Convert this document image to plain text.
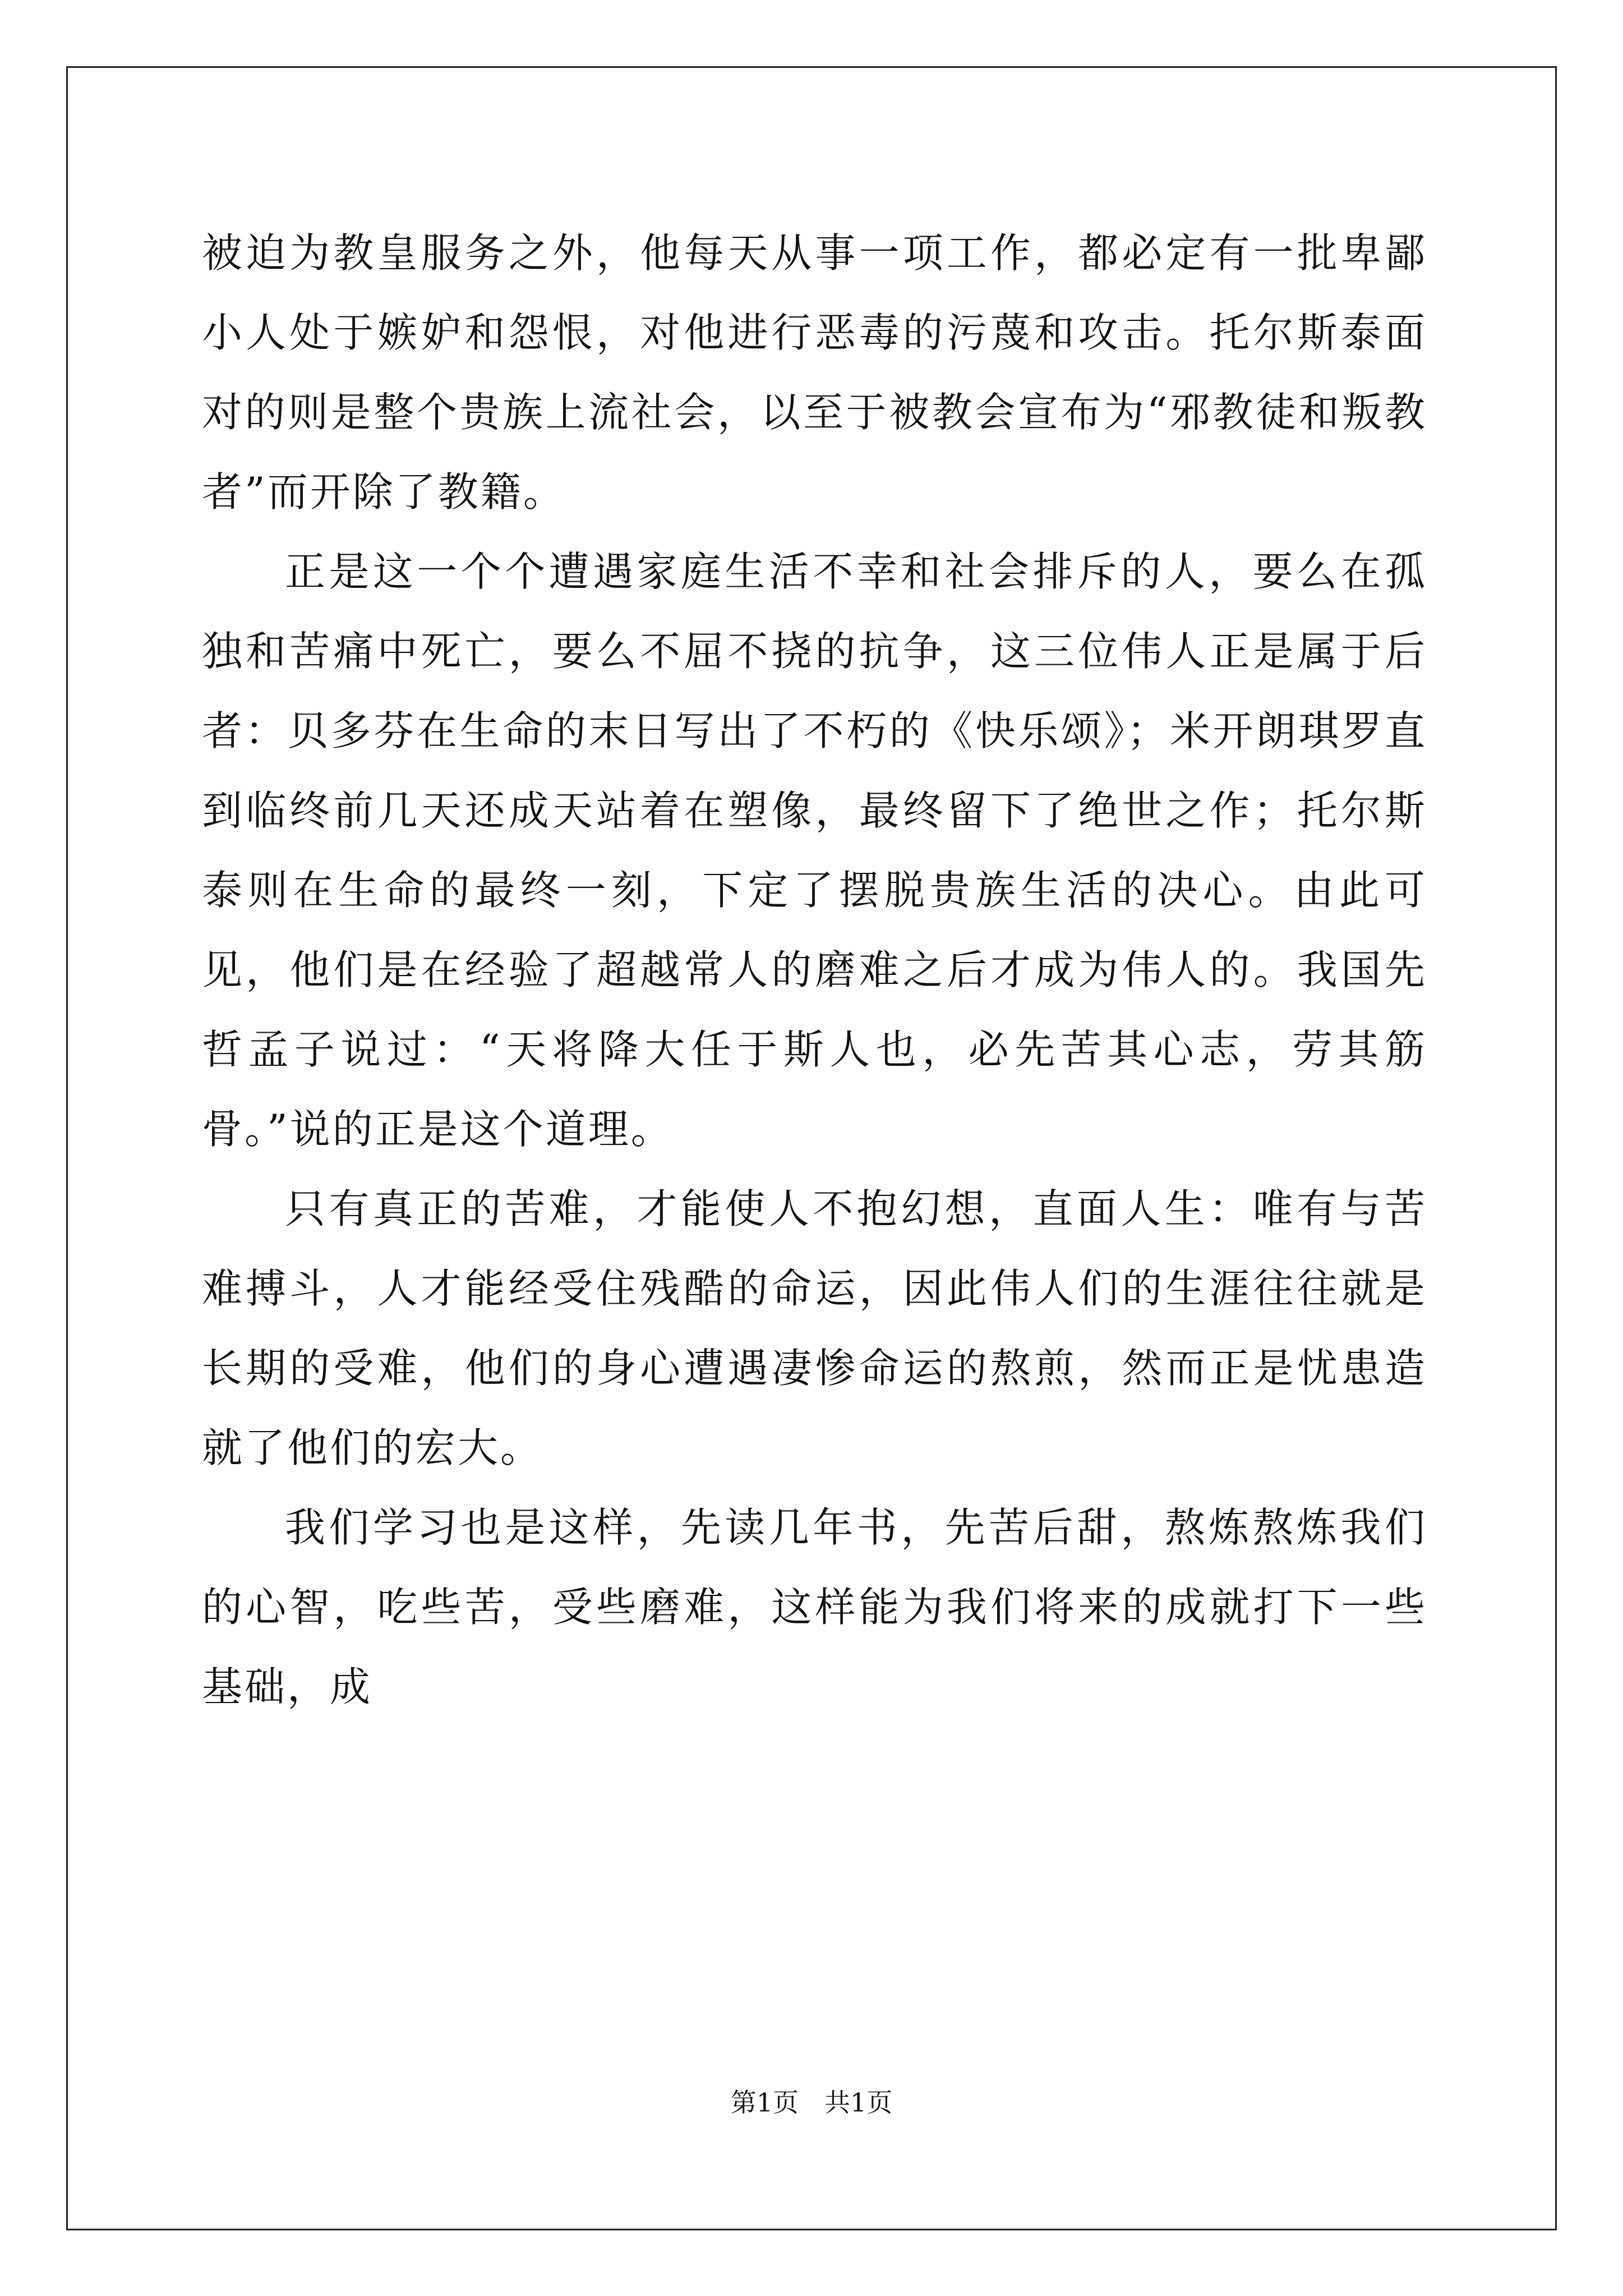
被迫为教皇服务之外，他每天从事一项工作，都必定有一批卑鄙小人处于嫉妒和怨恨，对他进行恶毒的污蔑和攻击。托尔斯泰面对的则是整个贵族上流社会，以至于被教会宣布为“邪教徒和叛教者”而开除了教籍。

正是这一个个遭遇家庭生活不幸和社会排斥的人，要么在孤独和苦痛中死亡，要么不屈不挠的抗争，这三位伟人正是属于后者：贝多芬在生命的末日写出了不朽的《快乐颂》；米开朗琪罗直到临终前几天还成天站着在塑像，最终留下了绝世之作；托尔斯泰则在生命的最终一刻，下定了摆脱贵族生活的决心。由此可见，他们是在经验了超越常人的磨难之后才成为伟人的。我国先哲孟子说过：“天将降大任于斯人也，必先苦其心志，劳其筋骨。”说的正是这个道理。

只有真正的苦难，才能使人不抱幻想，直面人生：唯有与苦难搏斗，人才能经受住残酷的命运，因此伟人们的生涯往往就是长期的受难，他们的身心遭遇凄惨命运的熬煎，然而正是忧患造就了他们的宏大。

我们学习也是这样，先读几年书，先苦后甜，熬炼熬炼我们的心智，吃些苦，受些磨难，这样能为我们将来的成就打下一些基础，成

第1页　共1页
